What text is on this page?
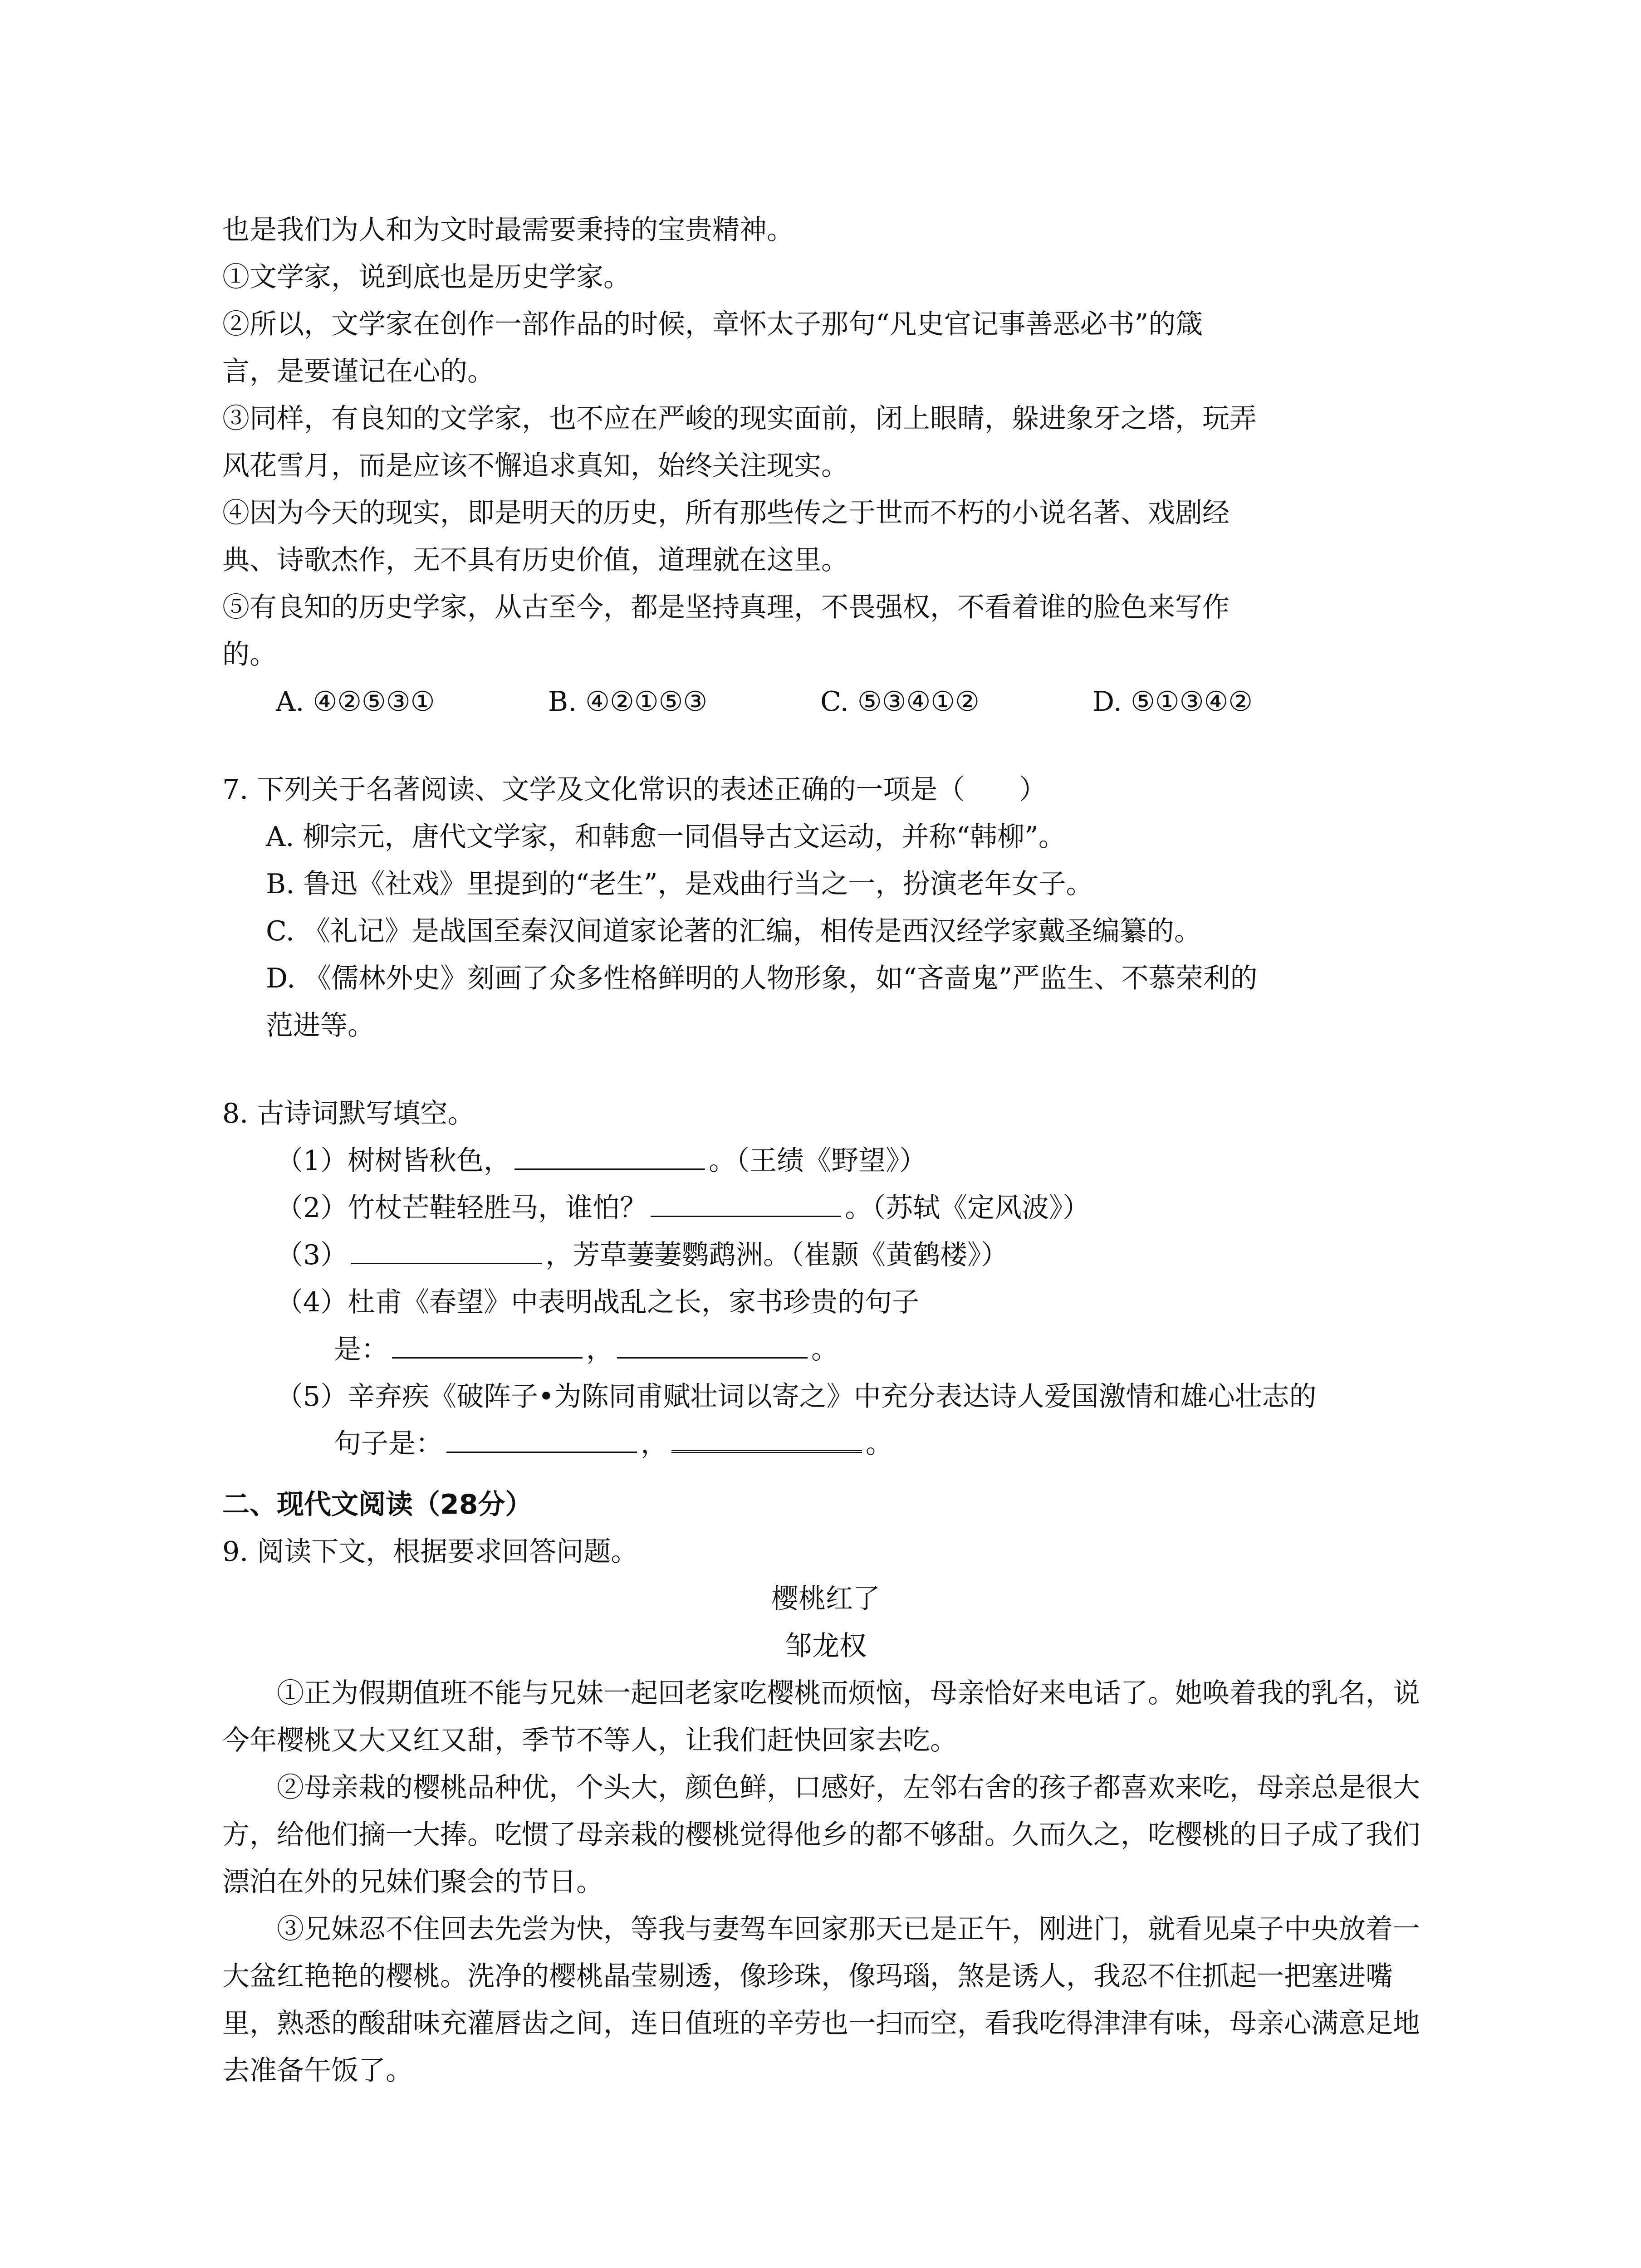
也是我们为人和为文时最需要秉持的宝贵精神。

①文学家，说到底也是历史学家。

②所以，文学家在创作一部作品的时候，章怀太子那句“凡史官记事善恶必书”的箴

言，是要谨记在心的。

③同样，有良知的文学家，也不应在严峻的现实面前，闭上眼睛，躲进象牙之塔，玩弄

风花雪月，而是应该不懈追求真知，始终关注现实。

④因为今天的现实，即是明天的历史，所有那些传之于世而不朽的小说名著、戏剧经

典、诗歌杰作，无不具有历史价值，道理就在这里。

⑤有良知的历史学家，从古至今，都是坚持真理，不畏强权，不看着谁的脸色来写作

的。

A. ④②⑤③①	B. ④②①⑤③	C. ⑤③④①②	D. ⑤①③④②

7. 下列关于名著阅读、文学及文化常识的表述正确的一项是（　　）

A. 柳宗元，唐代文学家，和韩愈一同倡导古文运动，并称“韩柳”。

B. 鲁迅《社戏》里提到的“老生”，是戏曲行当之一，扮演老年女子。

C. 《礼记》是战国至秦汉间道家论著的汇编，相传是西汉经学家戴圣编纂的。

D. 《儒林外史》刻画了众多性格鲜明的人物形象，如“吝啬鬼”严监生、不慕荣利的

范进等。

8. 古诗词默写填空。

（1）树树皆秋色，	。（王绩《野望》）

（2）竹杖芒鞋轻胜马，谁怕？	。（苏轼《定风波》）

（3）	，芳草萋萋鹦鹉洲。（崔颢《黄鹤楼》）

（4）杜甫《春望》中表明战乱之长，家书珍贵的句子

是：	，	。

（5）辛弃疾《破阵子•为陈同甫赋壮词以寄之》中充分表达诗人爱国激情和雄心壮志的

句子是：	，	。

二、现代文阅读（28分）

9. 阅读下文，根据要求回答问题。

樱桃红了

邹龙权

①正为假期值班不能与兄妹一起回老家吃樱桃而烦恼，母亲恰好来电话了。她唤着我的乳名，说今年樱桃又大又红又甜，季节不等人，让我们赶快回家去吃。

②母亲栽的樱桃品种优，个头大，颜色鲜，口感好，左邻右舍的孩子都喜欢来吃，母亲总是很大方，给他们摘一大捧。吃惯了母亲栽的樱桃觉得他乡的都不够甜。久而久之，吃樱桃的日子成了我们漂泊在外的兄妹们聚会的节日。

③兄妹忍不住回去先尝为快，等我与妻驾车回家那天已是正午，刚进门，就看见桌子中央放着一大盆红艳艳的樱桃。洗净的樱桃晶莹剔透，像珍珠，像玛瑙，煞是诱人，我忍不住抓起一把塞进嘴里，熟悉的酸甜味充灌唇齿之间，连日值班的辛劳也一扫而空，看我吃得津津有味，母亲心满意足地去准备午饭了。
